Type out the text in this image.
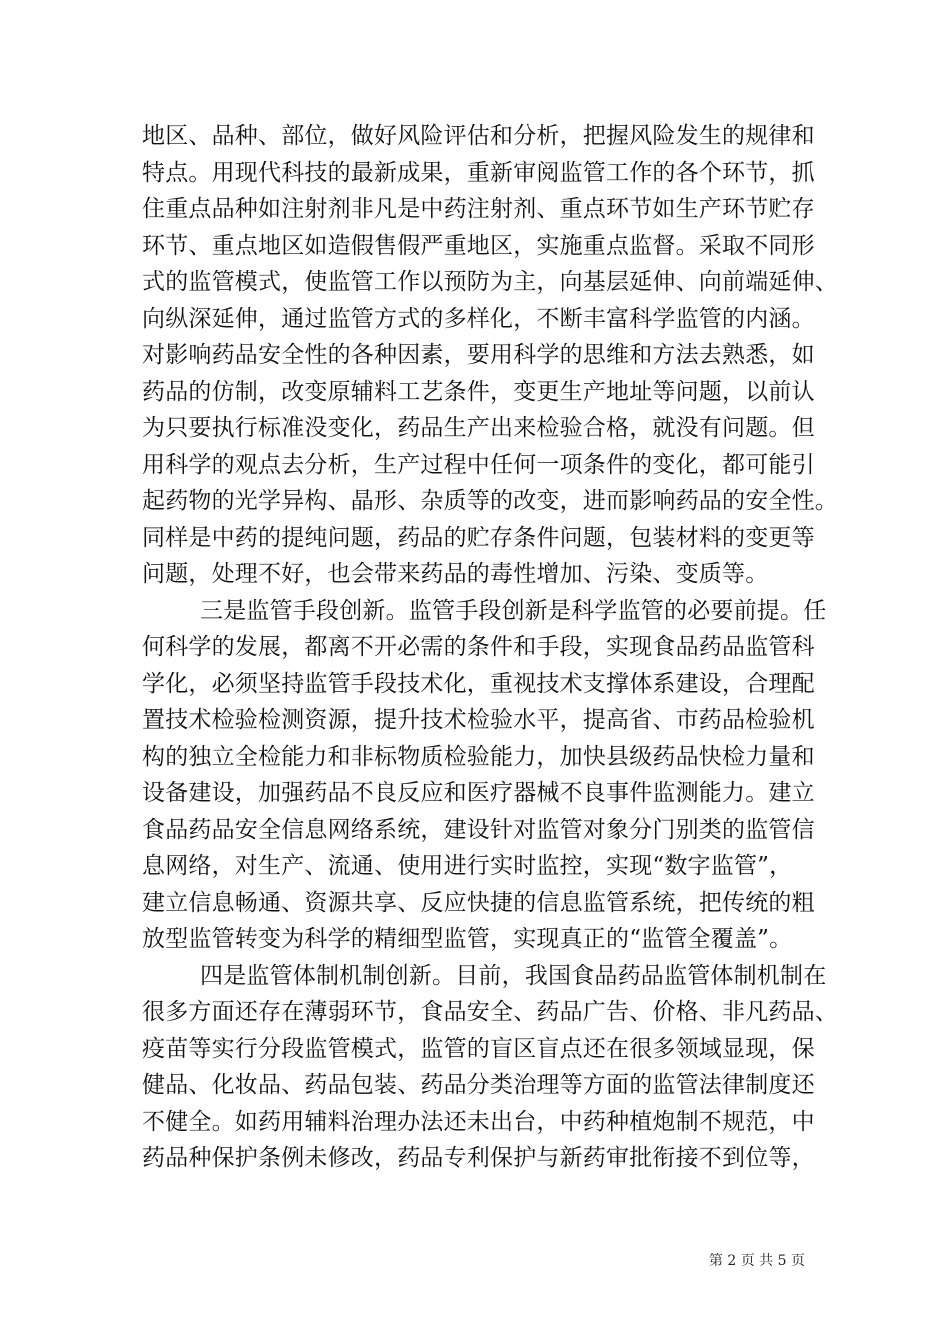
地区、品种、部位，做好风险评估和分析，把握风险发生的规律和
特点。用现代科技的最新成果，重新审阅监管工作的各个环节，抓
住重点品种如注射剂非凡是中药注射剂、重点环节如生产环节贮存
环节、重点地区如造假售假严重地区，实施重点监督。采取不同形
式的监管模式，使监管工作以预防为主，向基层延伸、向前端延伸、
向纵深延伸，通过监管方式的多样化，不断丰富科学监管的内涵。
对影响药品安全性的各种因素，要用科学的思维和方法去熟悉，如
药品的仿制，改变原辅料工艺条件，变更生产地址等问题，以前认
为只要执行标准没变化，药品生产出来检验合格，就没有问题。但
用科学的观点去分析，生产过程中任何一项条件的变化，都可能引
起药物的光学异构、晶形、杂质等的改变，进而影响药品的安全性。
同样是中药的提纯问题，药品的贮存条件问题，包装材料的变更等
问题，处理不好，也会带来药品的毒性增加、污染、变质等。
三是监管手段创新。监管手段创新是科学监管的必要前提。任
何科学的发展，都离不开必需的条件和手段，实现食品药品监管科
学化，必须坚持监管手段技术化，重视技术支撑体系建设，合理配
置技术检验检测资源，提升技术检验水平，提高省、市药品检验机
构的独立全检能力和非标物质检验能力，加快县级药品快检力量和
设备建设，加强药品不良反应和医疗器械不良事件监测能力。建立
食品药品安全信息网络系统，建设针对监管对象分门别类的监管信
息网络，对生产、流通、使用进行实时监控，实现“数字监管”，
建立信息畅通、资源共享、反应快捷的信息监管系统，把传统的粗
放型监管转变为科学的精细型监管，实现真正的“监管全覆盖”。
四是监管体制机制创新。目前，我国食品药品监管体制机制在
很多方面还存在薄弱环节，食品安全、药品广告、价格、非凡药品、
疫苗等实行分段监管模式，监管的盲区盲点还在很多领域显现，保
健品、化妆品、药品包装、药品分类治理等方面的监管法律制度还
不健全。如药用辅料治理办法还未出台，中药种植炮制不规范，中
药品种保护条例未修改，药品专利保护与新药审批衔接不到位等，
第 2 页 共 5 页
